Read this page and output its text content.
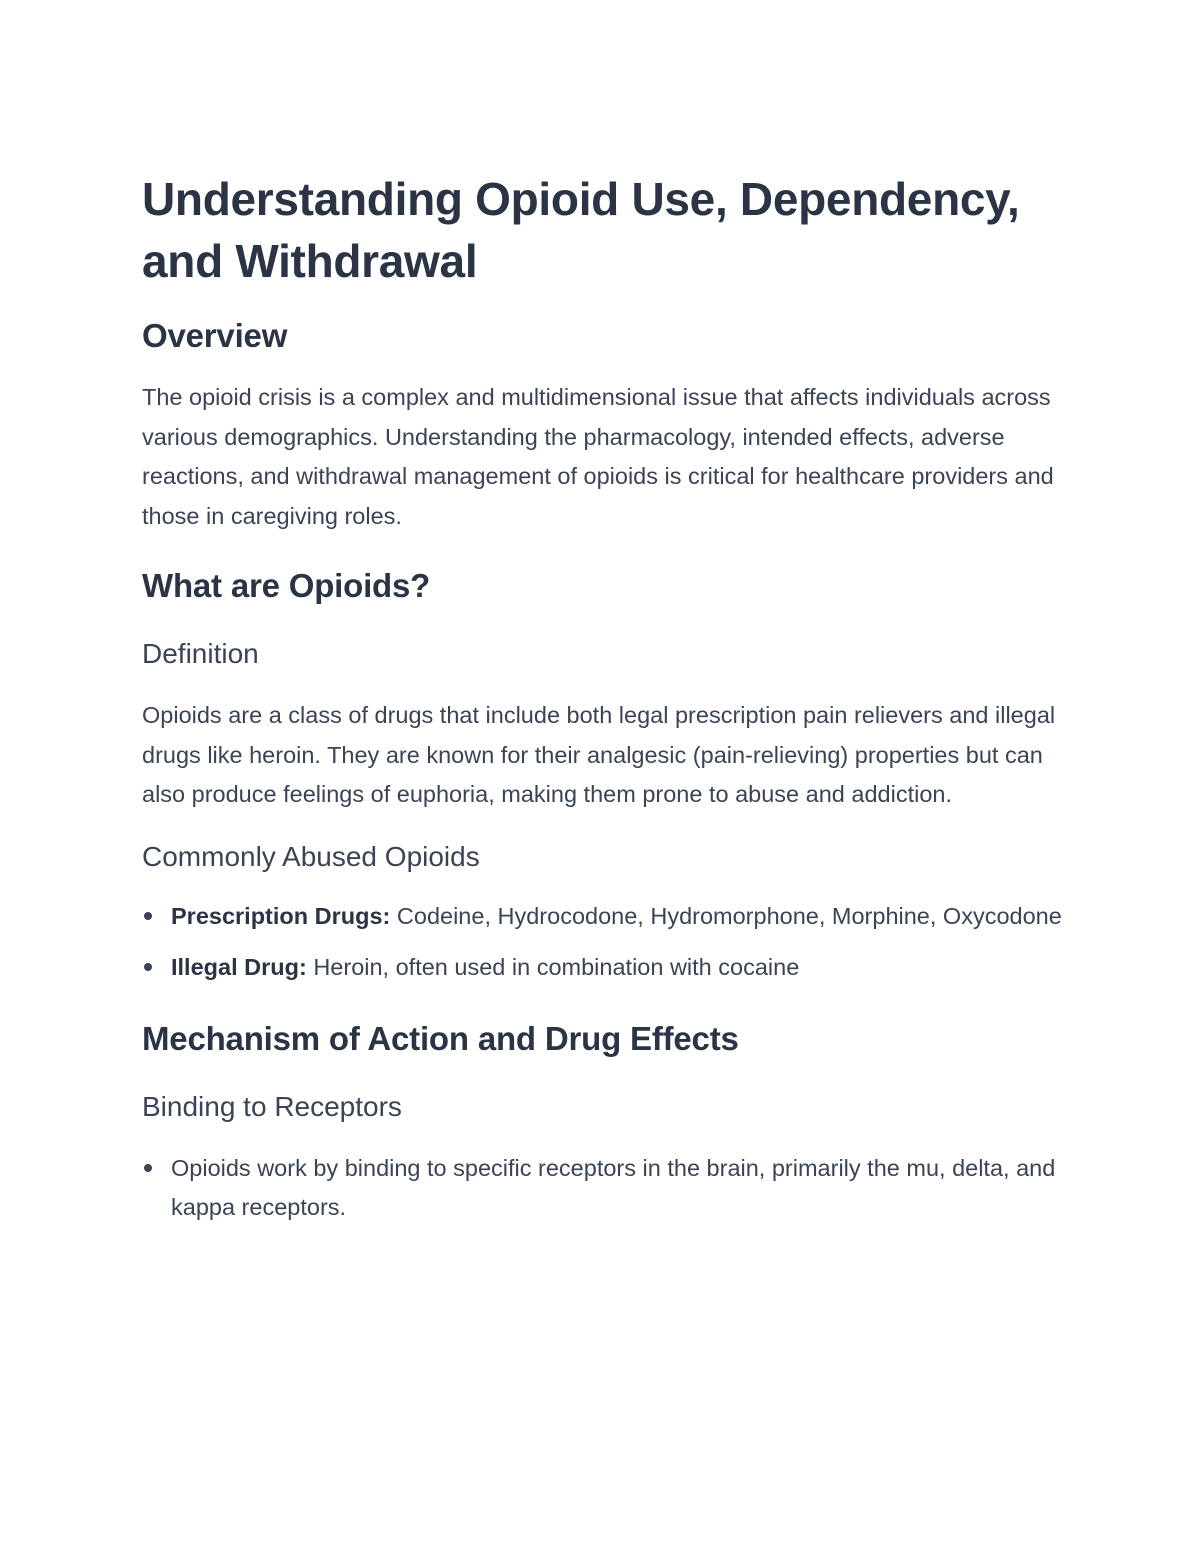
Understanding Opioid Use, Dependency, and Withdrawal
Overview

The opioid crisis is a complex and multidimensional issue that affects individuals across various demographics. Understanding the pharmacology, intended effects, adverse reactions, and withdrawal management of opioids is critical for healthcare providers and those in caregiving roles.

What are Opioids?
Definition

Opioids are a class of drugs that include both legal prescription pain relievers and illegal drugs like heroin. They are known for their analgesic (pain-relieving) properties but can also produce feelings of euphoria, making them prone to abuse and addiction.

Commonly Abused Opioids
Prescription Drugs: Codeine, Hydrocodone, Hydromorphone, Morphine, Oxycodone
Illegal Drug: Heroin, often used in combination with cocaine
Mechanism of Action and Drug Effects
Binding to Receptors
Opioids work by binding to specific receptors in the brain, primarily the mu, delta, and kappa receptors.
